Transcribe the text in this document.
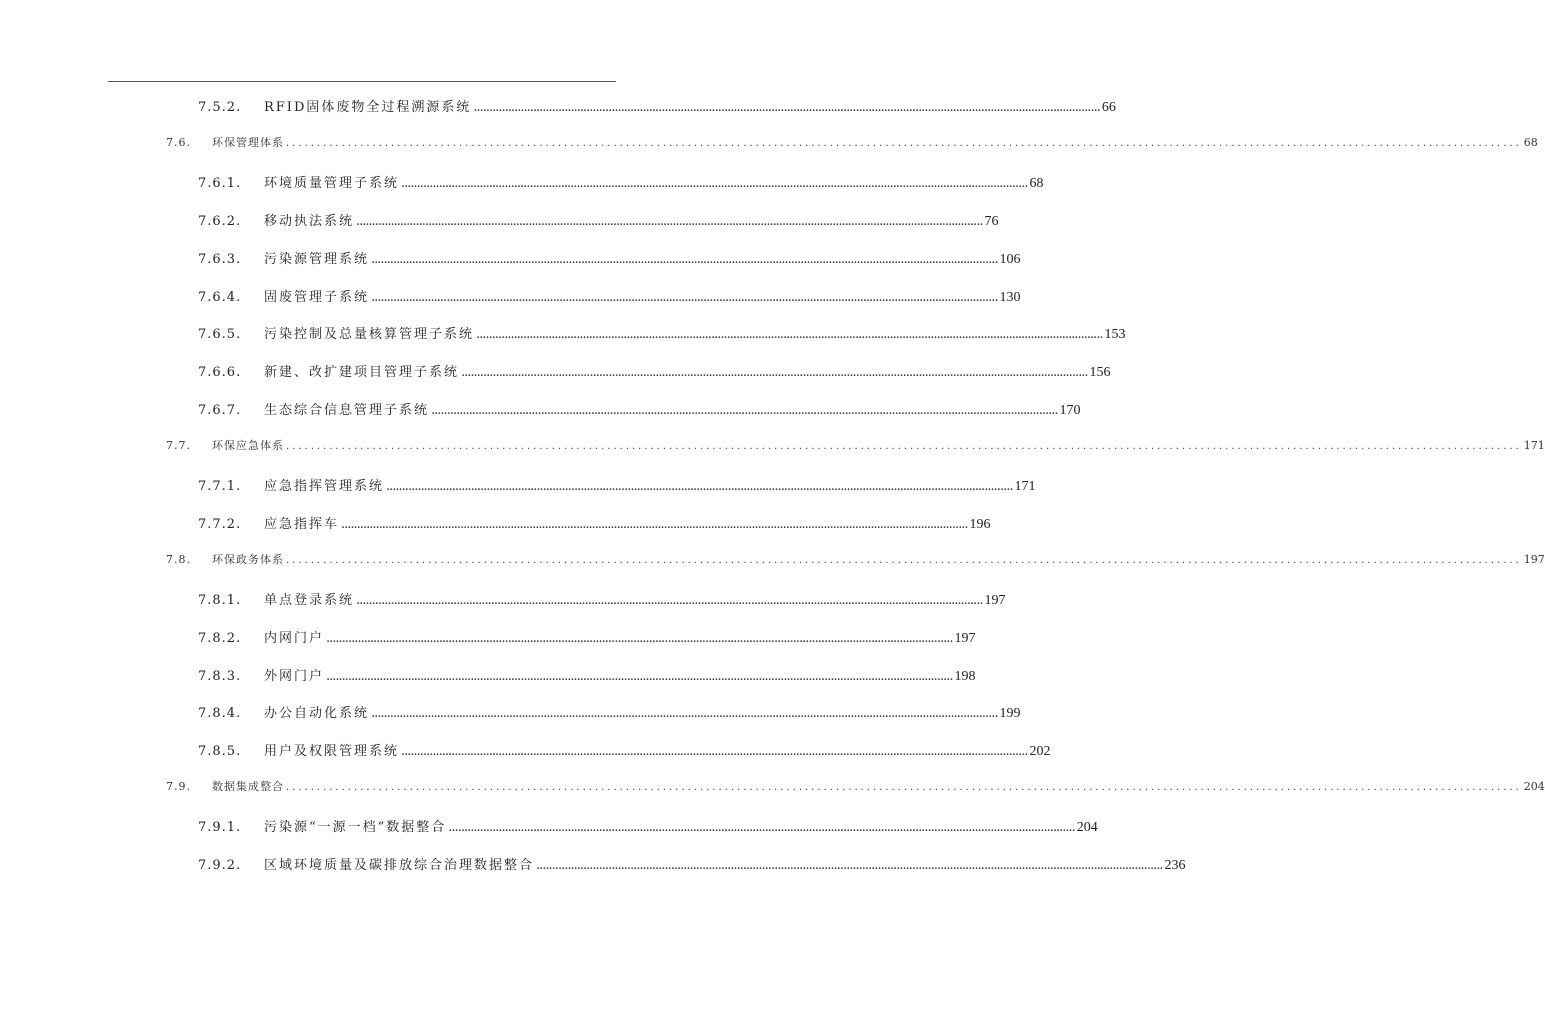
7.5.2.	RFID固体废物全过程溯源系统 ........................................................................................................................................................................................................ 66
7.6.	环保管理体系 ........................................................................................................................................................................................................ 68
7.6.1.	环境质量管理子系统 ........................................................................................................................................................................................................ 68
7.6.2.	移动执法系统 ........................................................................................................................................................................................................ 76
7.6.3.	污染源管理系统 ........................................................................................................................................................................................................ 106
7.6.4.	固废管理子系统 ........................................................................................................................................................................................................ 130
7.6.5.	污染控制及总量核算管理子系统 ........................................................................................................................................................................................................ 153
7.6.6.	新建、改扩建项目管理子系统 ........................................................................................................................................................................................................ 156
7.6.7.	生态综合信息管理子系统 ........................................................................................................................................................................................................ 170
7.7.	环保应急体系 ........................................................................................................................................................................................................ 171
7.7.1.	应急指挥管理系统 ........................................................................................................................................................................................................ 171
7.7.2.	应急指挥车 ........................................................................................................................................................................................................ 196
7.8.	环保政务体系 ........................................................................................................................................................................................................ 197
7.8.1.	单点登录系统 ........................................................................................................................................................................................................ 197
7.8.2.	内网门户 ........................................................................................................................................................................................................ 197
7.8.3.	外网门户 ........................................................................................................................................................................................................ 198
7.8.4.	办公自动化系统 ........................................................................................................................................................................................................ 199
7.8.5.	用户及权限管理系统 ........................................................................................................................................................................................................ 202
7.9.	数据集成整合 ........................................................................................................................................................................................................ 204
7.9.1.	污染源“一源一档”数据整合 ........................................................................................................................................................................................................ 204
7.9.2.	区域环境质量及碳排放综合治理数据整合 ........................................................................................................................................................................................................ 236
